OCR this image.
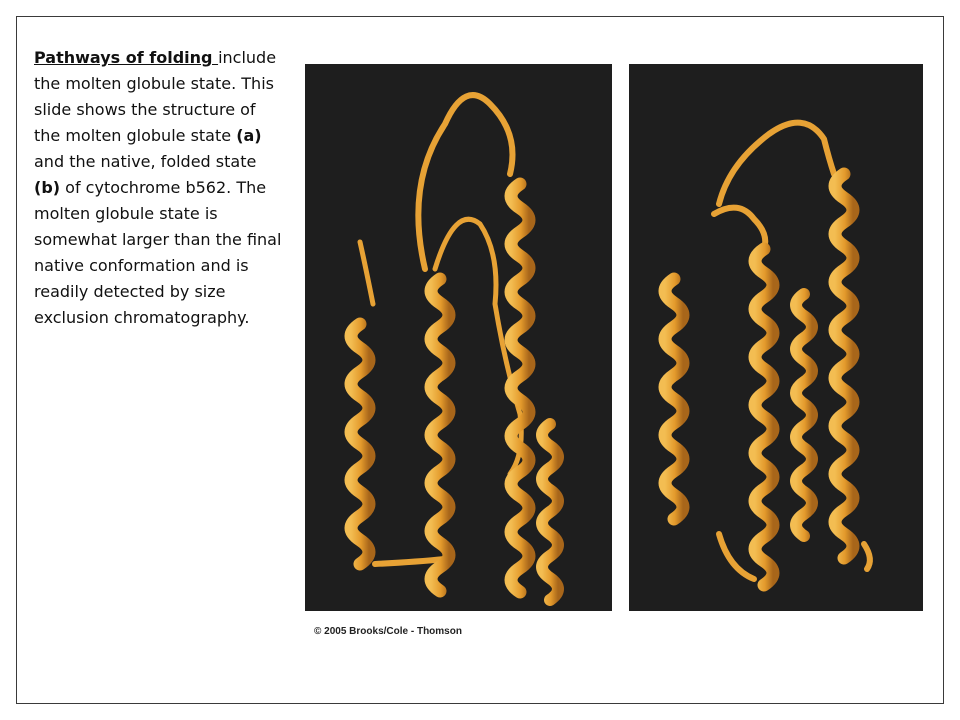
Pathways of folding include the molten globule state. This slide shows the structure of the molten globule state (a) and the native, folded state (b) of cytochrome b562. The molten globule state is somewhat larger than the final native conformation and is readily detected by size exclusion chromatography.
© 2005 Brooks/Cole - Thomson
